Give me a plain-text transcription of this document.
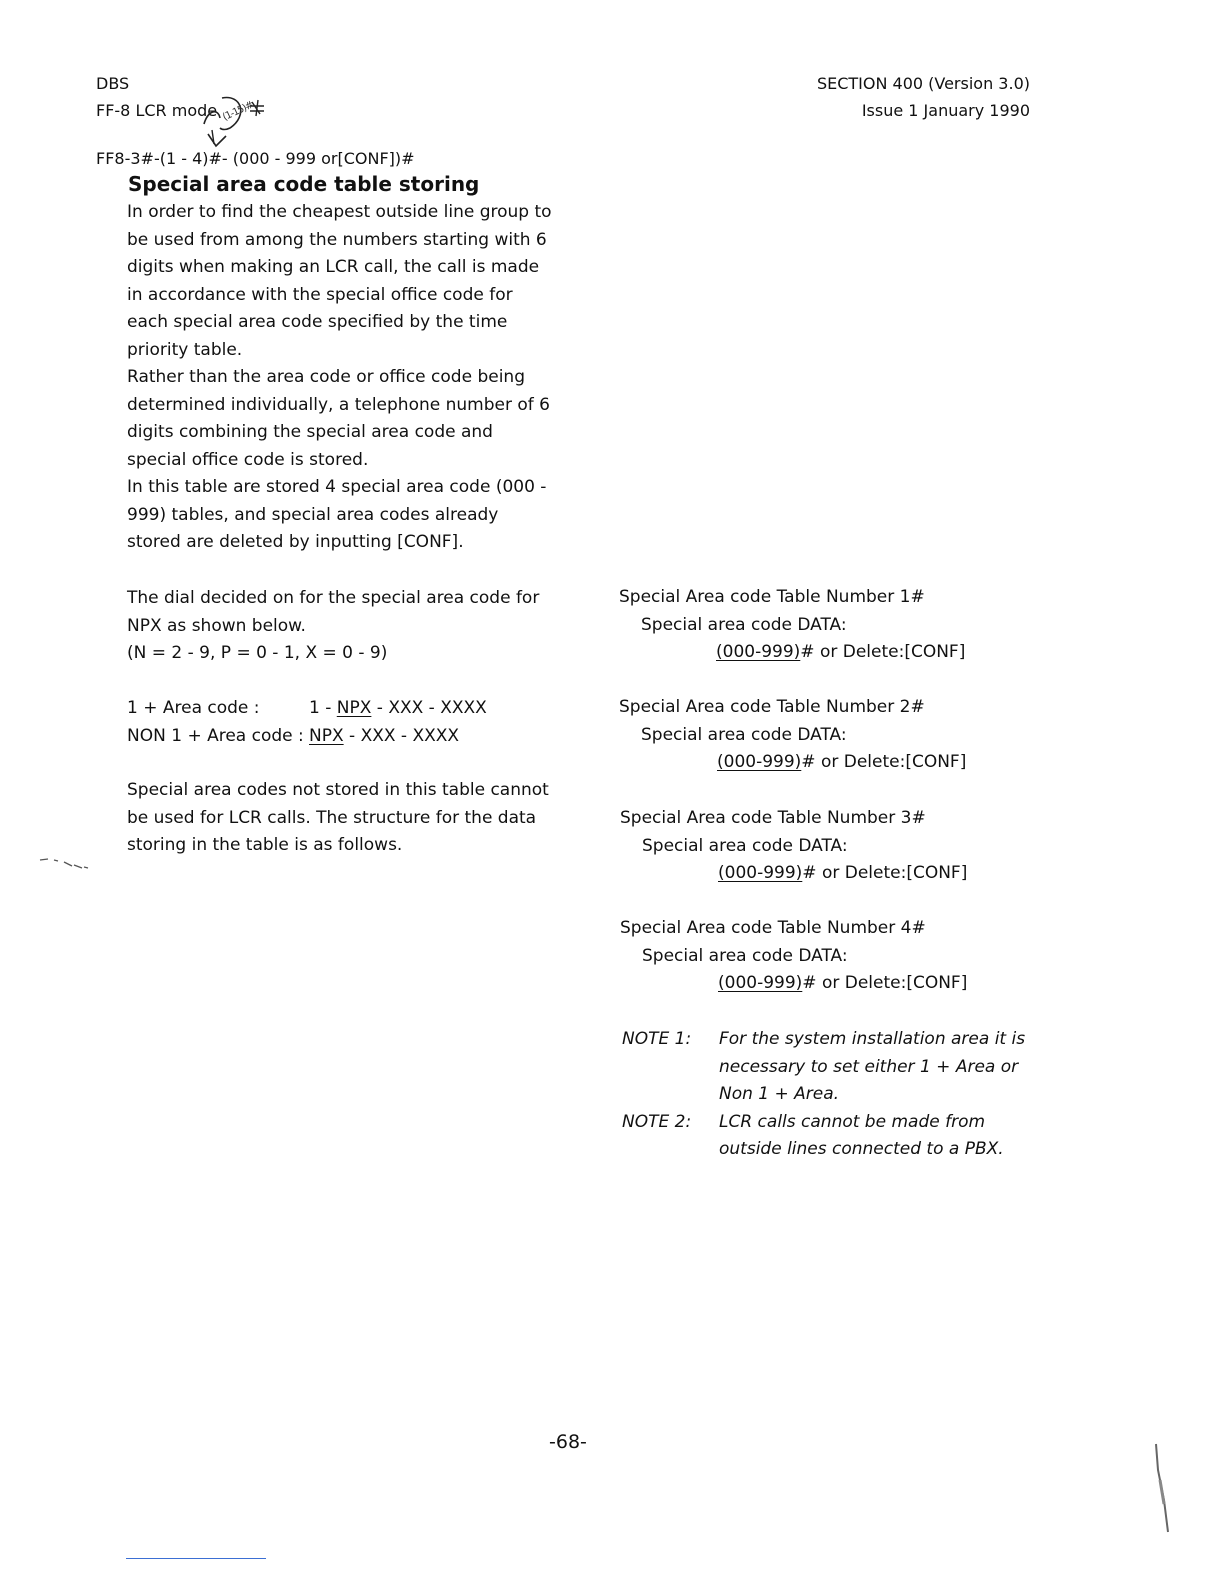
DBS
FF-8 LCR mode (1-15)#
SECTION 400 (Version 3.0)
Issue 1 January 1990
FF8-3#-(1 - 4)#- (000 - 999 or[CONF])#
Special area code table storing

In order to find the cheapest outside line group to be used from among the numbers starting with 6 digits when making an LCR call, the call is made in accordance with the special office code for each special area code specified by the time priority table.

Rather than the area code or office code being determined individually, a telephone number of 6 digits combining the special area code and special office code is stored.

In this table are stored 4 special area code (000 - 999) tables, and special area codes already stored are deleted by inputting [CONF].

The dial decided on for the special area code for
NPX as shown below.
(N = 2 - 9, P = 0 - 1, X = 0 - 9)
1 + Area code :	1 - NPX - XXX - XXXX
NON 1 + Area code : NPX - XXX - XXXX
Special area codes not stored in this table cannot
be used for LCR calls. The structure for the data
storing in the table is as follows.
Special Area code Table Number 1#
Special area code DATA:
(000-999)# or Delete:[CONF]
Special Area code Table Number 2#
Special area code DATA:
(000-999)# or Delete:[CONF]
Special Area code Table Number 3#
Special area code DATA:
(000-999)# or Delete:[CONF]
Special Area code Table Number 4#
Special area code DATA:
(000-999)# or Delete:[CONF]
NOTE 1:	For the system installation area it is necessary to set either 1 + Area or Non 1 + Area.
NOTE 2:	LCR calls cannot be made from outside lines connected to a PBX.
-68-
